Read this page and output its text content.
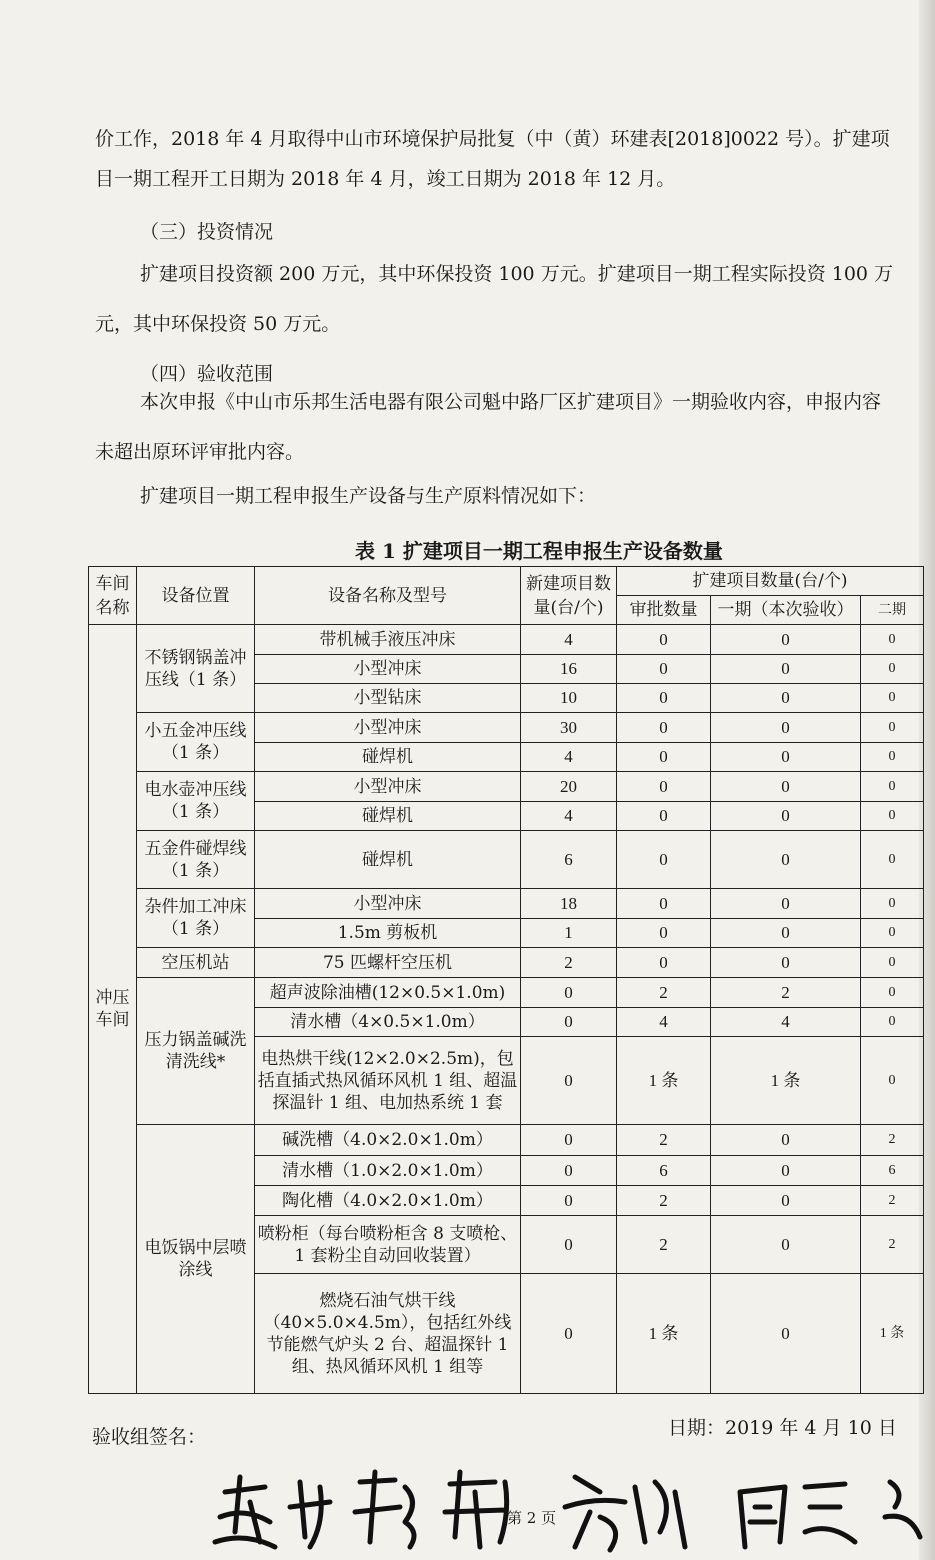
价工作，2018 年 4 月取得中山市环境保护局批复（中（黄）环建表[2018]0022 号）。扩建项
目一期工程开工日期为 2018 年 4 月，竣工日期为 2018 年 12 月。
（三）投资情况
扩建项目投资额 200 万元，其中环保投资 100 万元。扩建项目一期工程实际投资 100 万
元，其中环保投资 50 万元。
（四）验收范围
本次申报《中山市乐邦生活电器有限公司魁中路厂区扩建项目》一期验收内容，申报内容
未超出原环评审批内容。
扩建项目一期工程申报生产设备与生产原料情况如下：
表 1 扩建项目一期工程申报生产设备数量
车间名称	设备位置	设备名称及型号	新建项目数量(台/个)	扩建项目数量(台/个)		
				审批数量	一期（本次验收）	二期
冲压车间	不锈钢锅盖冲压线（1 条）	带机械手液压冲床	4	0	0	0
		小型冲床	16	0	0	0
		小型钻床	10	0	0	0
	小五金冲压线（1 条）	小型冲床	30	0	0	0
		碰焊机	4	0	0	0
	电水壶冲压线（1 条）	小型冲床	20	0	0	0
		碰焊机	4	0	0	0
	五金件碰焊线（1 条）	碰焊机	6	0	0	0
	杂件加工冲床（1 条）	小型冲床	18	0	0	0
		1.5m 剪板机	1	0	0	0
	空压机站	75 匹螺杆空压机	2	0	0	0
	压力锅盖碱洗清洗线*	超声波除油槽(12×0.5×1.0m)	0	2	2	0
		清水槽（4×0.5×1.0m）	0	4	4	0
		电热烘干线(12×2.0×2.5m)，包括直插式热风循环风机 1 组、超温探温针 1 组、电加热系统 1 套	0	1 条	1 条	0
	电饭锅中层喷涂线	碱洗槽（4.0×2.0×1.0m）	0	2	0	2
		清水槽（1.0×2.0×1.0m）	0	6	0	6
		陶化槽（4.0×2.0×1.0m）	0	2	0	2
		喷粉柜（每台喷粉柜含 8 支喷枪、1 套粉尘自动回收装置）	0	2	0	2
		燃烧石油气烘干线（40×5.0×4.5m），包括红外线节能燃气炉头 2 台、超温探针 1 组、热风循环风机 1 组等	0	1 条	0	1 条
验收组签名：	日期：2019 年 4 月 10 日
第 2 页
